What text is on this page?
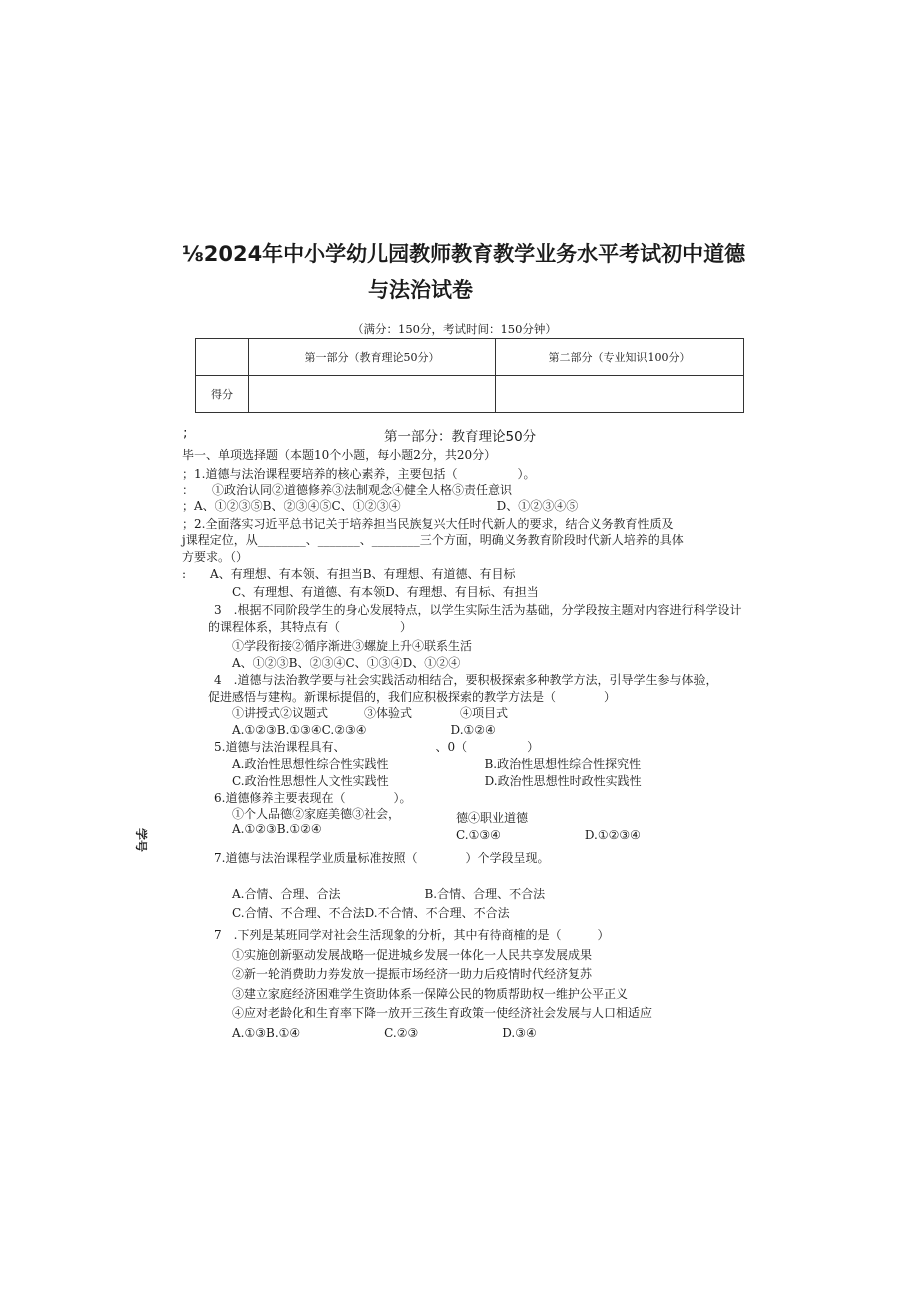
⅛2024年中小学幼儿园教师教育教学业务水平考试初中道德
与法治试卷
（满分：150分，考试时间：150分钟）
	第一部分（教育理论50分）	第二部分（专业知识100分）
得分		
;	第一部分：教育理论50分
毕一、单项选择题（本题10个小题，每小题2分，共20分）
；1.道德与法治课程要培养的核心素养，主要包括（　　　　　）。
：　　①政治认同②道德修养③法制观念④健全人格⑤责任意识
；A、①②③⑤B、②③④⑤C、①②③④　　　　　　　　D、①②③④⑤
；2.全面落实习近平总书记关于培养担当民族复兴大任时代新人的要求，结合义务教育性质及
j课程定位，从________、_______、________三个方面，明确义务教育阶段时代新人培养的具体
方要求。（）
:　　A、有理想、有本领、有担当B、有理想、有道德、有目标
C、有理想、有道德、有本领D、有理想、有目标、有担当
3　.根据不同阶段学生的身心发展特点，以学生实际生活为基础，分学段按主题对内容进行科学设计
的课程体系，其特点有（　　　　　）
①学段衔接②循序渐进③螺旋上升④联系生活
A、①②③B、②③④C、①③④D、①②④
4　.道德与法治教学要与社会实践活动相结合，要积极探索多种教学方法，引导学生参与体验，
促进感悟与建构。新课标提倡的，我们应积极探索的教学方法是（　　　　）
①讲授式②议题式　　　③体验式　　　　④项目式
A.①②③B.①③④C.②③④　　　　　　　D.①②④
5.道德与法治课程具有、　　　　　　　　、0（　　　　　）
A.政治性思想性综合性实践性　　　　　　　　B.政治性思想性综合性探究性
C.政治性思想性人文性实践性　　　　　　　　D.政治性思想性时政性实践性
6.道德修养主要表现在（　　　　）。
①个人品德②家庭美德③社会，	德④职业道德
A.①②③B.①②④	C.①③④　　　　　　　D.①②③④
7.道德与法治课程学业质量标准按照（　　　　）个学段呈现。
A.合情、合理、合法　　　　　　　B.合情、合理、不合法
C.合情、不合理、不合法D.不合情、不合理、不合法
7　.下列是某班同学对社会生活现象的分析，其中有待商榷的是（　　　）
①实施创新驱动发展战略一促进城乡发展一体化一人民共享发展成果
②新一轮消费助力券发放一提振市场经济一助力后疫情时代经济复苏
③建立家庭经济困难学生资助体系一保障公民的物质帮助权一维护公平正义
④应对老龄化和生育率下降一放开三孩生育政策一使经济社会发展与人口相适应
A.①③B.①④　　　　　　　C.②③　　　　　　　D.③④
学号
